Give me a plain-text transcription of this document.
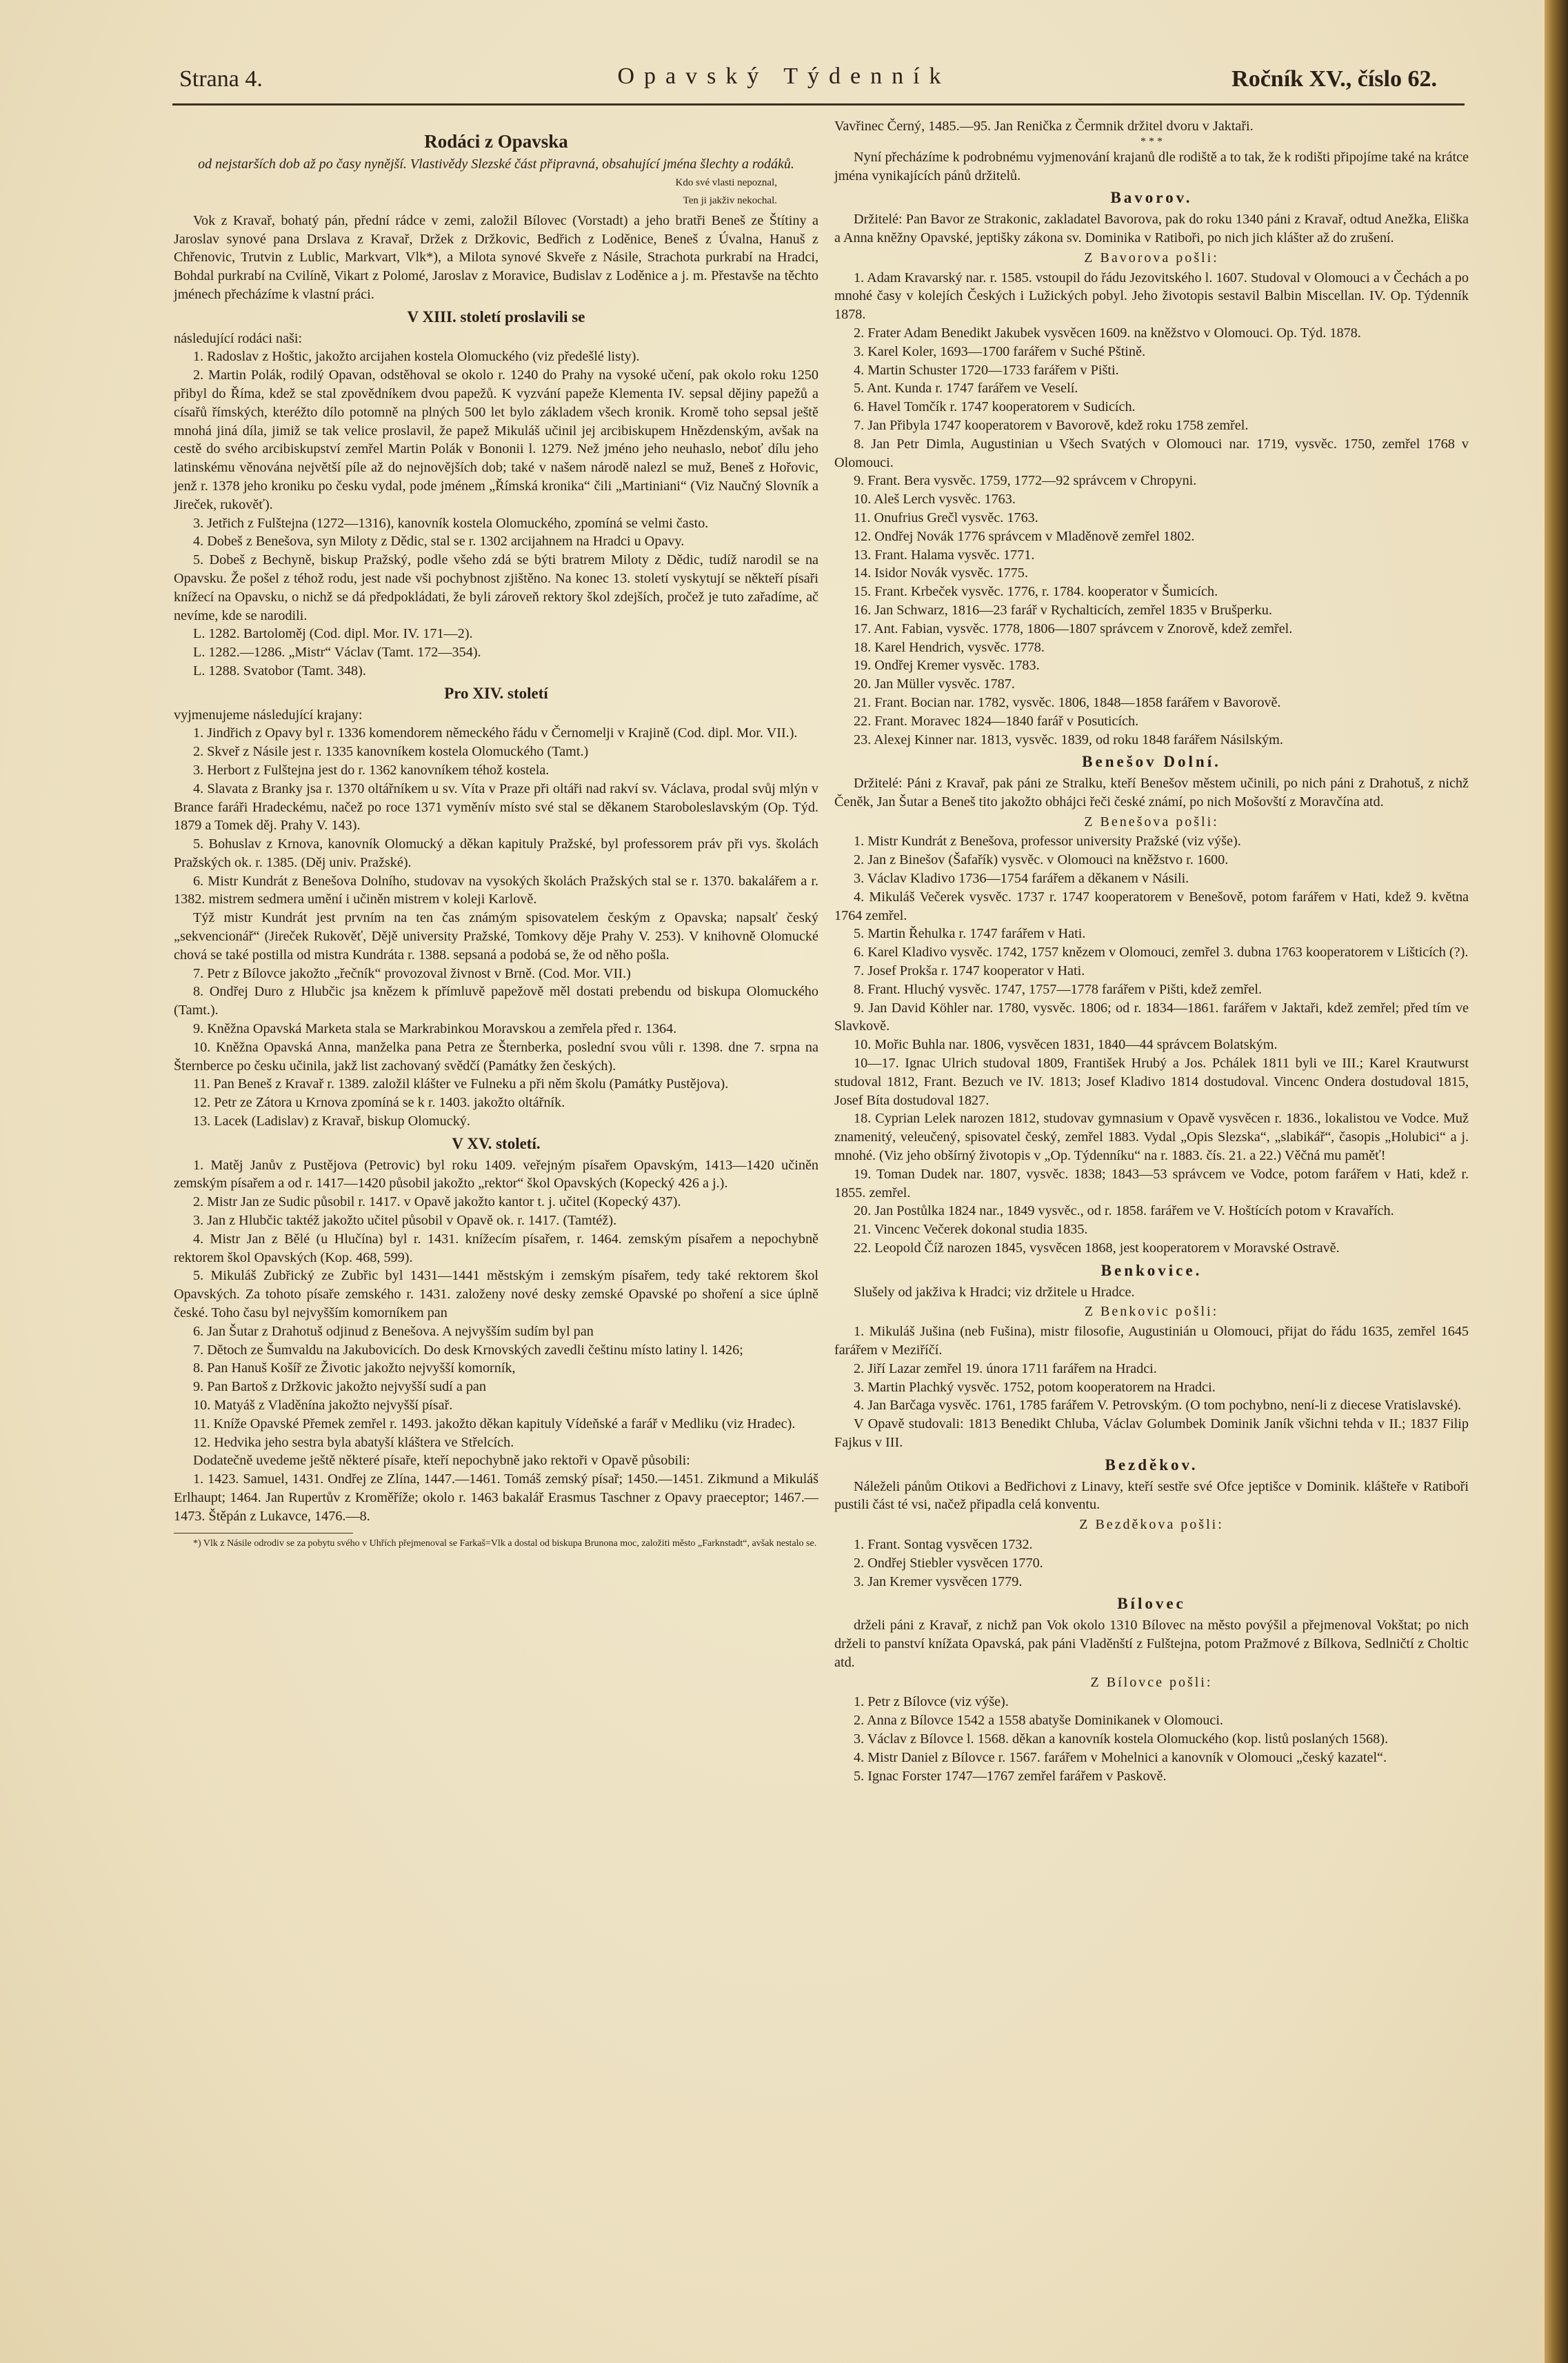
Strana 4.	Opavský Týdenník	Ročník XV., číslo 62.
Rodáci z Opavska
od nejstarších dob až po časy nynější. Vlastivědy Slezské část připravná, obsahující jména šlechty a rodáků.
Kdo své vlasti nepoznal,
Ten ji jakživ nekochal.

Vok z Kravař, bohatý pán, přední rádce v zemi, založil Bílovec (Vorstadt) a jeho bratři Beneš ze Štítiny a Jaroslav synové pana Drslava z Kravař, Držek z Držkovic, Bedřich z Loděnice, Beneš z Úvalna, Hanuš z Chřenovic, Trutvin z Lublic, Markvart, Vlk*), a Milota synové Skveře z Násile, Strachota purkrabí na Hradci, Bohdal purkrabí na Cvilíně, Vikart z Polomé, Jaroslav z Moravice, Budislav z Loděnice a j. m. Přestavše na těchto jménech přecházíme k vlastní práci.

V XIII. století proslavili se
následující rodáci naši:

1. Radoslav z Hoštic, jakožto arcijahen kostela Olomuckého (viz předešlé listy).

2. Martin Polák, rodilý Opavan, odstěhoval se okolo r. 1240 do Prahy na vysoké učení, pak okolo roku 1250 přibyl do Říma, kdež se stal zpovědníkem dvou papežů. K vyzvání papeže Klementa IV. sepsal dějiny papežů a císařů římských, kteréžto dílo potomně na plných 500 let bylo základem všech kronik. Kromě toho sepsal ještě mnohá jiná díla, jimiž se tak velice proslavil, že papež Mikuláš učinil jej arcibiskupem Hnězdenským, avšak na cestě do svého arcibiskupství zemřel Martin Polák v Bononii l. 1279. Než jméno jeho neuhaslo, neboť dílu jeho latinskému věnována největší píle až do nejnovějších dob; také v našem národě nalezl se muž, Beneš z Hořovic, jenž r. 1378 jeho kroniku po česku vydal, pode jménem „Římská kronika“ čili „Martiniani“ (Viz Naučný Slovník a Jireček, rukověť).

3. Jetřich z Fulštejna (1272—1316), kanovník kostela Olomuckého, zpomíná se velmi často.

4. Dobeš z Benešova, syn Miloty z Dědic, stal se r. 1302 arcijahnem na Hradci u Opavy.

5. Dobeš z Bechyně, biskup Pražský, podle všeho zdá se býti bratrem Miloty z Dědic, tudíž narodil se na Opavsku. Že pošel z téhož rodu, jest nade vši pochybnost zjištěno. Na konec 13. století vyskytují se někteří písaři knížecí na Opavsku, o nichž se dá předpokládati, že byli zároveň rektory škol zdejších, pročež je tuto zařadíme, ač nevíme, kde se narodili.

L. 1282. Bartoloměj (Cod. dipl. Mor. IV. 171—2).

L. 1282.—1286. „Mistr“ Václav (Tamt. 172—354).

L. 1288. Svatobor (Tamt. 348).

Pro XIV. století
vyjmenujeme následující krajany:

1. Jindřich z Opavy byl r. 1336 komendorem německého řádu v Černomelji v Krajině (Cod. dipl. Mor. VII.).

2. Skveř z Násile jest r. 1335 kanovníkem kostela Olomuckého (Tamt.)

3. Herbort z Fulštejna jest do r. 1362 kanovníkem téhož kostela.

4. Slavata z Branky jsa r. 1370 oltářníkem u sv. Víta v Praze při oltáři nad rakví sv. Václava, prodal svůj mlýn v Brance faráři Hradeckému, načež po roce 1371 vyměnív místo své stal se děkanem Staroboleslavským (Op. Týd. 1879 a Tomek děj. Prahy V. 143).

5. Bohuslav z Krnova, kanovník Olomucký a děkan kapituly Pražské, byl professorem práv při vys. školách Pražských ok. r. 1385. (Děj univ. Pražské).

6. Mistr Kundrát z Benešova Dolního, studovav na vysokých školách Pražských stal se r. 1370. bakalářem a r. 1382. mistrem sedmera umění i učiněn mistrem v koleji Karlově.

Týž mistr Kundrát jest prvním na ten čas známým spisovatelem českým z Opavska; napsalť český „sekvencionář“ (Jireček Rukověť, Dějě university Pražské, Tomkovy děje Prahy V. 253). V knihovně Olomucké chová se také postilla od mistra Kundráta r. 1388. sepsaná a podobá se, že od něho pošla.

7. Petr z Bílovce jakožto „řečník“ provozoval živnost v Brně. (Cod. Mor. VII.)

8. Ondřej Duro z Hlubčic jsa knězem k přímluvě papežově měl dostati prebendu od biskupa Olomuckého (Tamt.).

9. Kněžna Opavská Marketa stala se Markrabinkou Moravskou a zemřela před r. 1364.

10. Kněžna Opavská Anna, manželka pana Petra ze Šternberka, poslední svou vůli r. 1398. dne 7. srpna na Šternberce po česku učinila, jakž list zachovaný svědčí (Památky žen českých).

11. Pan Beneš z Kravař r. 1389. založil klášter ve Fulneku a při něm školu (Památky Pustějova).

12. Petr ze Zátora u Krnova zpomíná se k r. 1403. jakožto oltářník.

13. Lacek (Ladislav) z Kravař, biskup Olomucký.

V XV. století.

1. Matěj Janův z Pustějova (Petrovic) byl roku 1409. veřejným písařem Opavským, 1413—1420 učiněn zemským písařem a od r. 1417—1420 působil jakožto „rektor“ škol Opavských (Kopecký 426 a j.).

2. Mistr Jan ze Sudic působil r. 1417. v Opavě jakožto kantor t. j. učitel (Kopecký 437).

3. Jan z Hlubčic taktéž jakožto učitel působil v Opavě ok. r. 1417. (Tamtéž).

4. Mistr Jan z Bělé (u Hlučína) byl r. 1431. knížecím písařem, r. 1464. zemským písařem a nepochybně rektorem škol Opavských (Kop. 468, 599).

5. Mikuláš Zubřický ze Zubřic byl 1431—1441 městským i zemským písařem, tedy také rektorem škol Opavských. Za tohoto písaře zemského r. 1431. založeny nové desky zemské Opavské po shoření a sice úplně české. Toho času byl nejvyšším komorníkem pan

6. Jan Šutar z Drahotuš odjinud z Benešova. A nejvyšším sudím byl pan

7. Dětoch ze Šumvaldu na Jakubovicích. Do desk Krnovských zavedli češtinu místo latiny l. 1426;

8. Pan Hanuš Košíř ze Životic jakožto nejvyšší komorník,

9. Pan Bartoš z Držkovic jakožto nejvyšší sudí a pan

10. Matyáš z Vladěnína jakožto nejvyšší písař.

11. Kníže Opavské Přemek zemřel r. 1493. jakožto děkan kapituly Vídeňské a farář v Medliku (viz Hradec).

12. Hedvika jeho sestra byla abatyší kláštera ve Střelcích.

Dodatečně uvedeme ještě některé písaře, kteří nepochybně jako rektoři v Opavě působili:

1. 1423. Samuel, 1431. Ondřej ze Zlína, 1447.—1461. Tomáš zemský písař; 1450.—1451. Zikmund a Mikuláš Erlhaupt; 1464. Jan Rupertův z Kroměříže; okolo r. 1463 bakalář Erasmus Taschner z Opavy praeceptor; 1467.—1473. Štěpán z Lukavce, 1476.—8.

*) Vlk z Násile odrodiv se za pobytu svého v Uhřích přejmenoval se Farkaš=Vlk a dostal od biskupa Brunona moc, založiti město „Farknstadt“, avšak nestalo se.

Vavřinec Černý, 1485.—95. Jan Renička z Čermnik držitel dvoru v Jaktaři.

* * *

Nyní přecházíme k podrobnému vyjmenování krajanů dle rodiště a to tak, že k rodišti připojíme také na krátce jména vynikajících pánů držitelů.

Bavorov.

Držitelé: Pan Bavor ze Strakonic, zakladatel Bavorova, pak do roku 1340 páni z Kravař, odtud Anežka, Eliška a Anna kněžny Opavské, jeptišky zákona sv. Dominika v Ratiboři, po nich jich klášter až do zrušení.

Z Bavorova pošli:

1. Adam Kravarský nar. r. 1585. vstoupil do řádu Jezovitského l. 1607. Studoval v Olomouci a v Čechách a po mnohé časy v kolejích Českých i Lužických pobyl. Jeho životopis sestavil Balbin Miscellan. IV. Op. Týdenník 1878.

2. Frater Adam Benedikt Jakubek vysvěcen 1609. na kněžstvo v Olomouci. Op. Týd. 1878.

3. Karel Koler, 1693—1700 farářem v Suché Pštině.

4. Martin Schuster 1720—1733 farářem v Pišti.

5. Ant. Kunda r. 1747 farářem ve Veselí.

6. Havel Tomčík r. 1747 kooperatorem v Sudicích.

7. Jan Přibyla 1747 kooperatorem v Bavorově, kdež roku 1758 zemřel.

8. Jan Petr Dimla, Augustinian u Všech Svatých v Olomouci nar. 1719, vysvěc. 1750, zemřel 1768 v Olomouci.

9. Frant. Bera vysvěc. 1759, 1772—92 správcem v Chropyni.

10. Aleš Lerch vysvěc. 1763.

11. Onufrius Grečl vysvěc. 1763.

12. Ondřej Novák 1776 správcem v Mladěnově zemřel 1802.

13. Frant. Halama vysvěc. 1771.

14. Isidor Novák vysvěc. 1775.

15. Frant. Krbeček vysvěc. 1776, r. 1784. kooperator v Šumicích.

16. Jan Schwarz, 1816—23 farář v Rychalticích, zemřel 1835 v Brušperku.

17. Ant. Fabian, vysvěc. 1778, 1806—1807 správcem v Znorově, kdež zemřel.

18. Karel Hendrich, vysvěc. 1778.

19. Ondřej Kremer vysvěc. 1783.

20. Jan Müller vysvěc. 1787.

21. Frant. Bocian nar. 1782, vysvěc. 1806, 1848—1858 farářem v Bavorově.

22. Frant. Moravec 1824—1840 farář v Posuticích.

23. Alexej Kinner nar. 1813, vysvěc. 1839, od roku 1848 farářem Násilským.

Benešov Dolní.

Držitelé: Páni z Kravař, pak páni ze Stralku, kteří Benešov městem učinili, po nich páni z Drahotuš, z nichž Čeněk, Jan Šutar a Beneš tito jakožto obhájci řeči české známí, po nich Mošovští z Moravčína atd.

Z Benešova pošli:

1. Mistr Kundrát z Benešova, professor university Pražské (viz výše).

2. Jan z Binešov (Šafařík) vysvěc. v Olomouci na kněžstvo r. 1600.

3. Václav Kladivo 1736—1754 farářem a děkanem v Násili.

4. Mikuláš Večerek vysvěc. 1737 r. 1747 kooperatorem v Benešově, potom farářem v Hati, kdež 9. května 1764 zemřel.

5. Martin Řehulka r. 1747 farářem v Hati.

6. Karel Kladivo vysvěc. 1742, 1757 knězem v Olomouci, zemřel 3. dubna 1763 kooperatorem v Lišticích (?).

7. Josef Prokša r. 1747 kooperator v Hati.

8. Frant. Hluchý vysvěc. 1747, 1757—1778 farářem v Pišti, kdež zemřel.

9. Jan David Köhler nar. 1780, vysvěc. 1806; od r. 1834—1861. farářem v Jaktaři, kdež zemřel; před tím ve Slavkově.

10. Mořic Buhla nar. 1806, vysvěcen 1831, 1840—44 správcem Bolatským.

10—17. Ignac Ulrich studoval 1809, František Hrubý a Jos. Pchálek 1811 byli ve III.; Karel Krautwurst studoval 1812, Frant. Bezuch ve IV. 1813; Josef Kladivo 1814 dostudoval. Vincenc Ondera dostudoval 1815, Josef Bíta dostudoval 1827.

18. Cyprian Lelek narozen 1812, studovav gymnasium v Opavě vysvěcen r. 1836., lokalistou ve Vodce. Muž znamenitý, veleučený, spisovatel český, zemřel 1883. Vydal „Opis Slezska“, „slabikář“, časopis „Holubici“ a j. mnohé. (Viz jeho obšírný životopis v „Op. Týdenníku“ na r. 1883. čís. 21. a 22.) Věčná mu paměť!

19. Toman Dudek nar. 1807, vysvěc. 1838; 1843—53 správcem ve Vodce, potom farářem v Hati, kdež r. 1855. zemřel.

20. Jan Postůlka 1824 nar., 1849 vysvěc., od r. 1858. farářem ve V. Hoštících potom v Kravařích.

21. Vincenc Večerek dokonal studia 1835.

22. Leopold Číž narozen 1845, vysvěcen 1868, jest kooperatorem v Moravské Ostravě.

Benkovice.

Slušely od jakživa k Hradci; viz držitele u Hradce.

Z Benkovic pošli:

1. Mikuláš Jušina (neb Fušina), mistr filosofie, Augustinián u Olomouci, přijat do řádu 1635, zemřel 1645 farářem v Meziříčí.

2. Jiří Lazar zemřel 19. února 1711 farářem na Hradci.

3. Martin Plachký vysvěc. 1752, potom kooperatorem na Hradci.

4. Jan Barčaga vysvěc. 1761, 1785 farářem V. Petrovským. (O tom pochybno, není-li z diecese Vratislavské).

V Opavě studovali: 1813 Benedikt Chluba, Václav Golumbek Dominik Janík všichni tehda v II.; 1837 Filip Fajkus v III.

Bezděkov.

Náleželi pánům Otikovi a Bedřichovi z Linavy, kteří sestře své Ofce jeptišce v Dominik. klášteře v Ratiboři pustili část té vsi, načež připadla celá konventu.

Z Bezděkova pošli:

1. Frant. Sontag vysvěcen 1732.

2. Ondřej Stiebler vysvěcen 1770.

3. Jan Kremer vysvěcen 1779.

Bílovec

drželi páni z Kravař, z nichž pan Vok okolo 1310 Bílovec na město povýšil a přejmenoval Vokštat; po nich drželi to panství knížata Opavská, pak páni Vladěnští z Fulštejna, potom Pražmové z Bílkova, Sedlničtí z Choltic atd.

Z Bílovce pošli:

1. Petr z Bílovce (viz výše).

2. Anna z Bílovce 1542 a 1558 abatyše Dominikanek v Olomouci.

3. Václav z Bílovce l. 1568. děkan a kanovník kostela Olomuckého (kop. listů poslaných 1568).

4. Mistr Daniel z Bílovce r. 1567. farářem v Mohelnici a kanovník v Olomouci „český kazatel“.

5. Ignac Forster 1747—1767 zemřel farářem v Paskově.
